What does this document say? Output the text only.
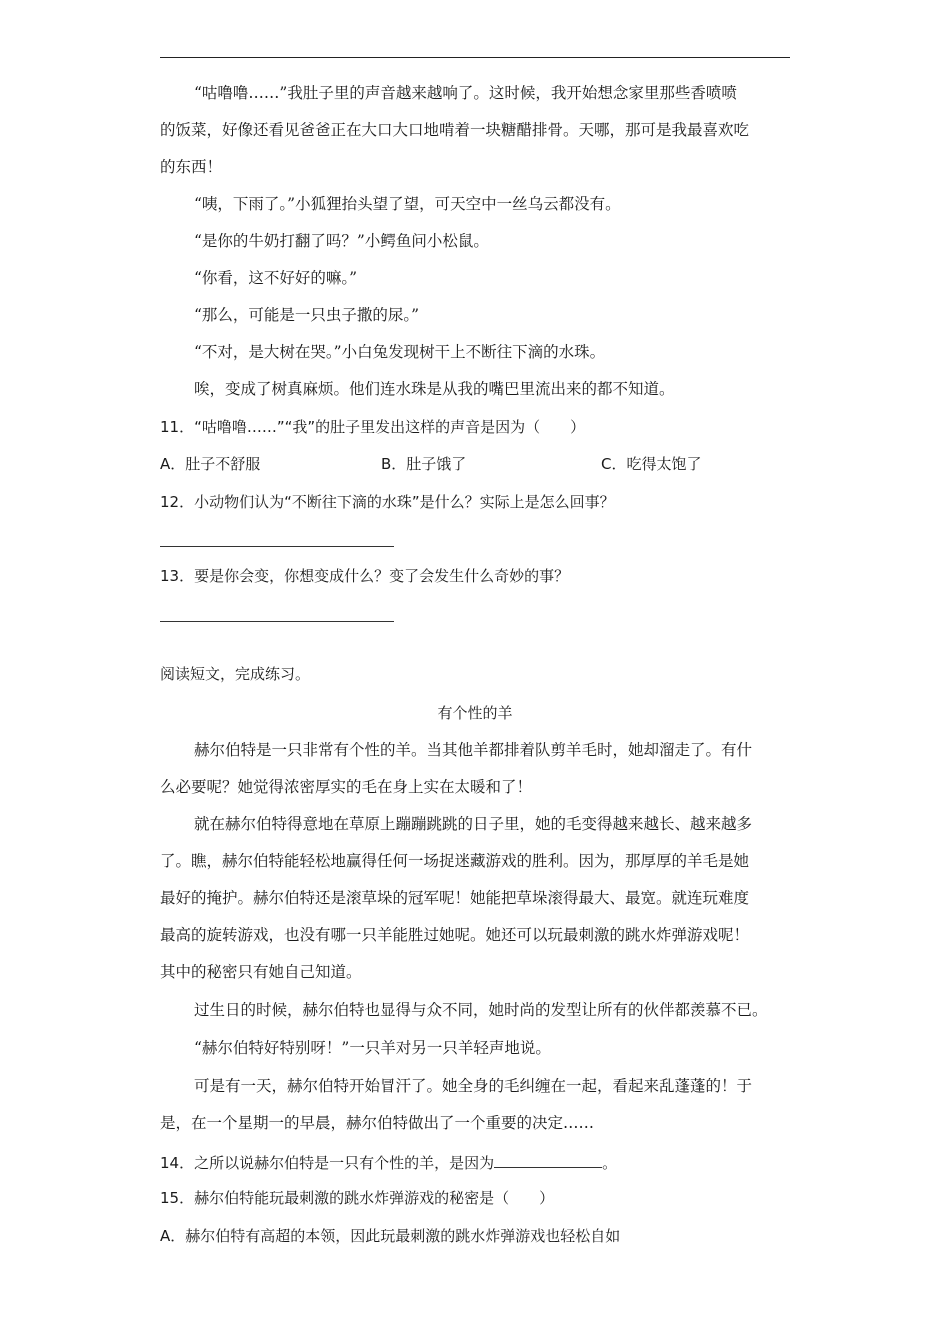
“咕噜噜……”我肚子里的声音越来越响了。这时候，我开始想念家里那些香喷喷
的饭菜，好像还看见爸爸正在大口大口地啃着一块糖醋排骨。天哪，那可是我最喜欢吃
的东西！
“咦，下雨了。”小狐狸抬头望了望，可天空中一丝乌云都没有。
“是你的牛奶打翻了吗？”小鳄鱼问小松鼠。
“你看，这不好好的嘛。”
“那么，可能是一只虫子撒的尿。”
“不对，是大树在哭。”小白兔发现树干上不断往下滴的水珠。
唉，变成了树真麻烦。他们连水珠是从我的嘴巴里流出来的都不知道。
11．“咕噜噜……”“我”的肚子里发出这样的声音是因为（　　）
A．肚子不舒服	B．肚子饿了	C．吃得太饱了
12．小动物们认为“不断往下滴的水珠”是什么？实际上是怎么回事？
13．要是你会变，你想变成什么？变了会发生什么奇妙的事？
阅读短文，完成练习。
有个性的羊
赫尔伯特是一只非常有个性的羊。当其他羊都排着队剪羊毛时，她却溜走了。有什
么必要呢？她觉得浓密厚实的毛在身上实在太暖和了！
就在赫尔伯特得意地在草原上蹦蹦跳跳的日子里，她的毛变得越来越长、越来越多
了。瞧，赫尔伯特能轻松地赢得任何一场捉迷藏游戏的胜利。因为，那厚厚的羊毛是她
最好的掩护。赫尔伯特还是滚草垛的冠军呢！她能把草垛滚得最大、最宽。就连玩难度
最高的旋转游戏，也没有哪一只羊能胜过她呢。她还可以玩最刺激的跳水炸弹游戏呢！
其中的秘密只有她自己知道。
过生日的时候，赫尔伯特也显得与众不同，她时尚的发型让所有的伙伴都羡慕不已。
“赫尔伯特好特别呀！”一只羊对另一只羊轻声地说。
可是有一天，赫尔伯特开始冒汗了。她全身的毛纠缠在一起，看起来乱蓬蓬的！于
是，在一个星期一的早晨，赫尔伯特做出了一个重要的决定……
14．之所以说赫尔伯特是一只有个性的羊，是因为	。
15．赫尔伯特能玩最刺激的跳水炸弹游戏的秘密是（　　）
A．赫尔伯特有高超的本领，因此玩最刺激的跳水炸弹游戏也轻松自如
